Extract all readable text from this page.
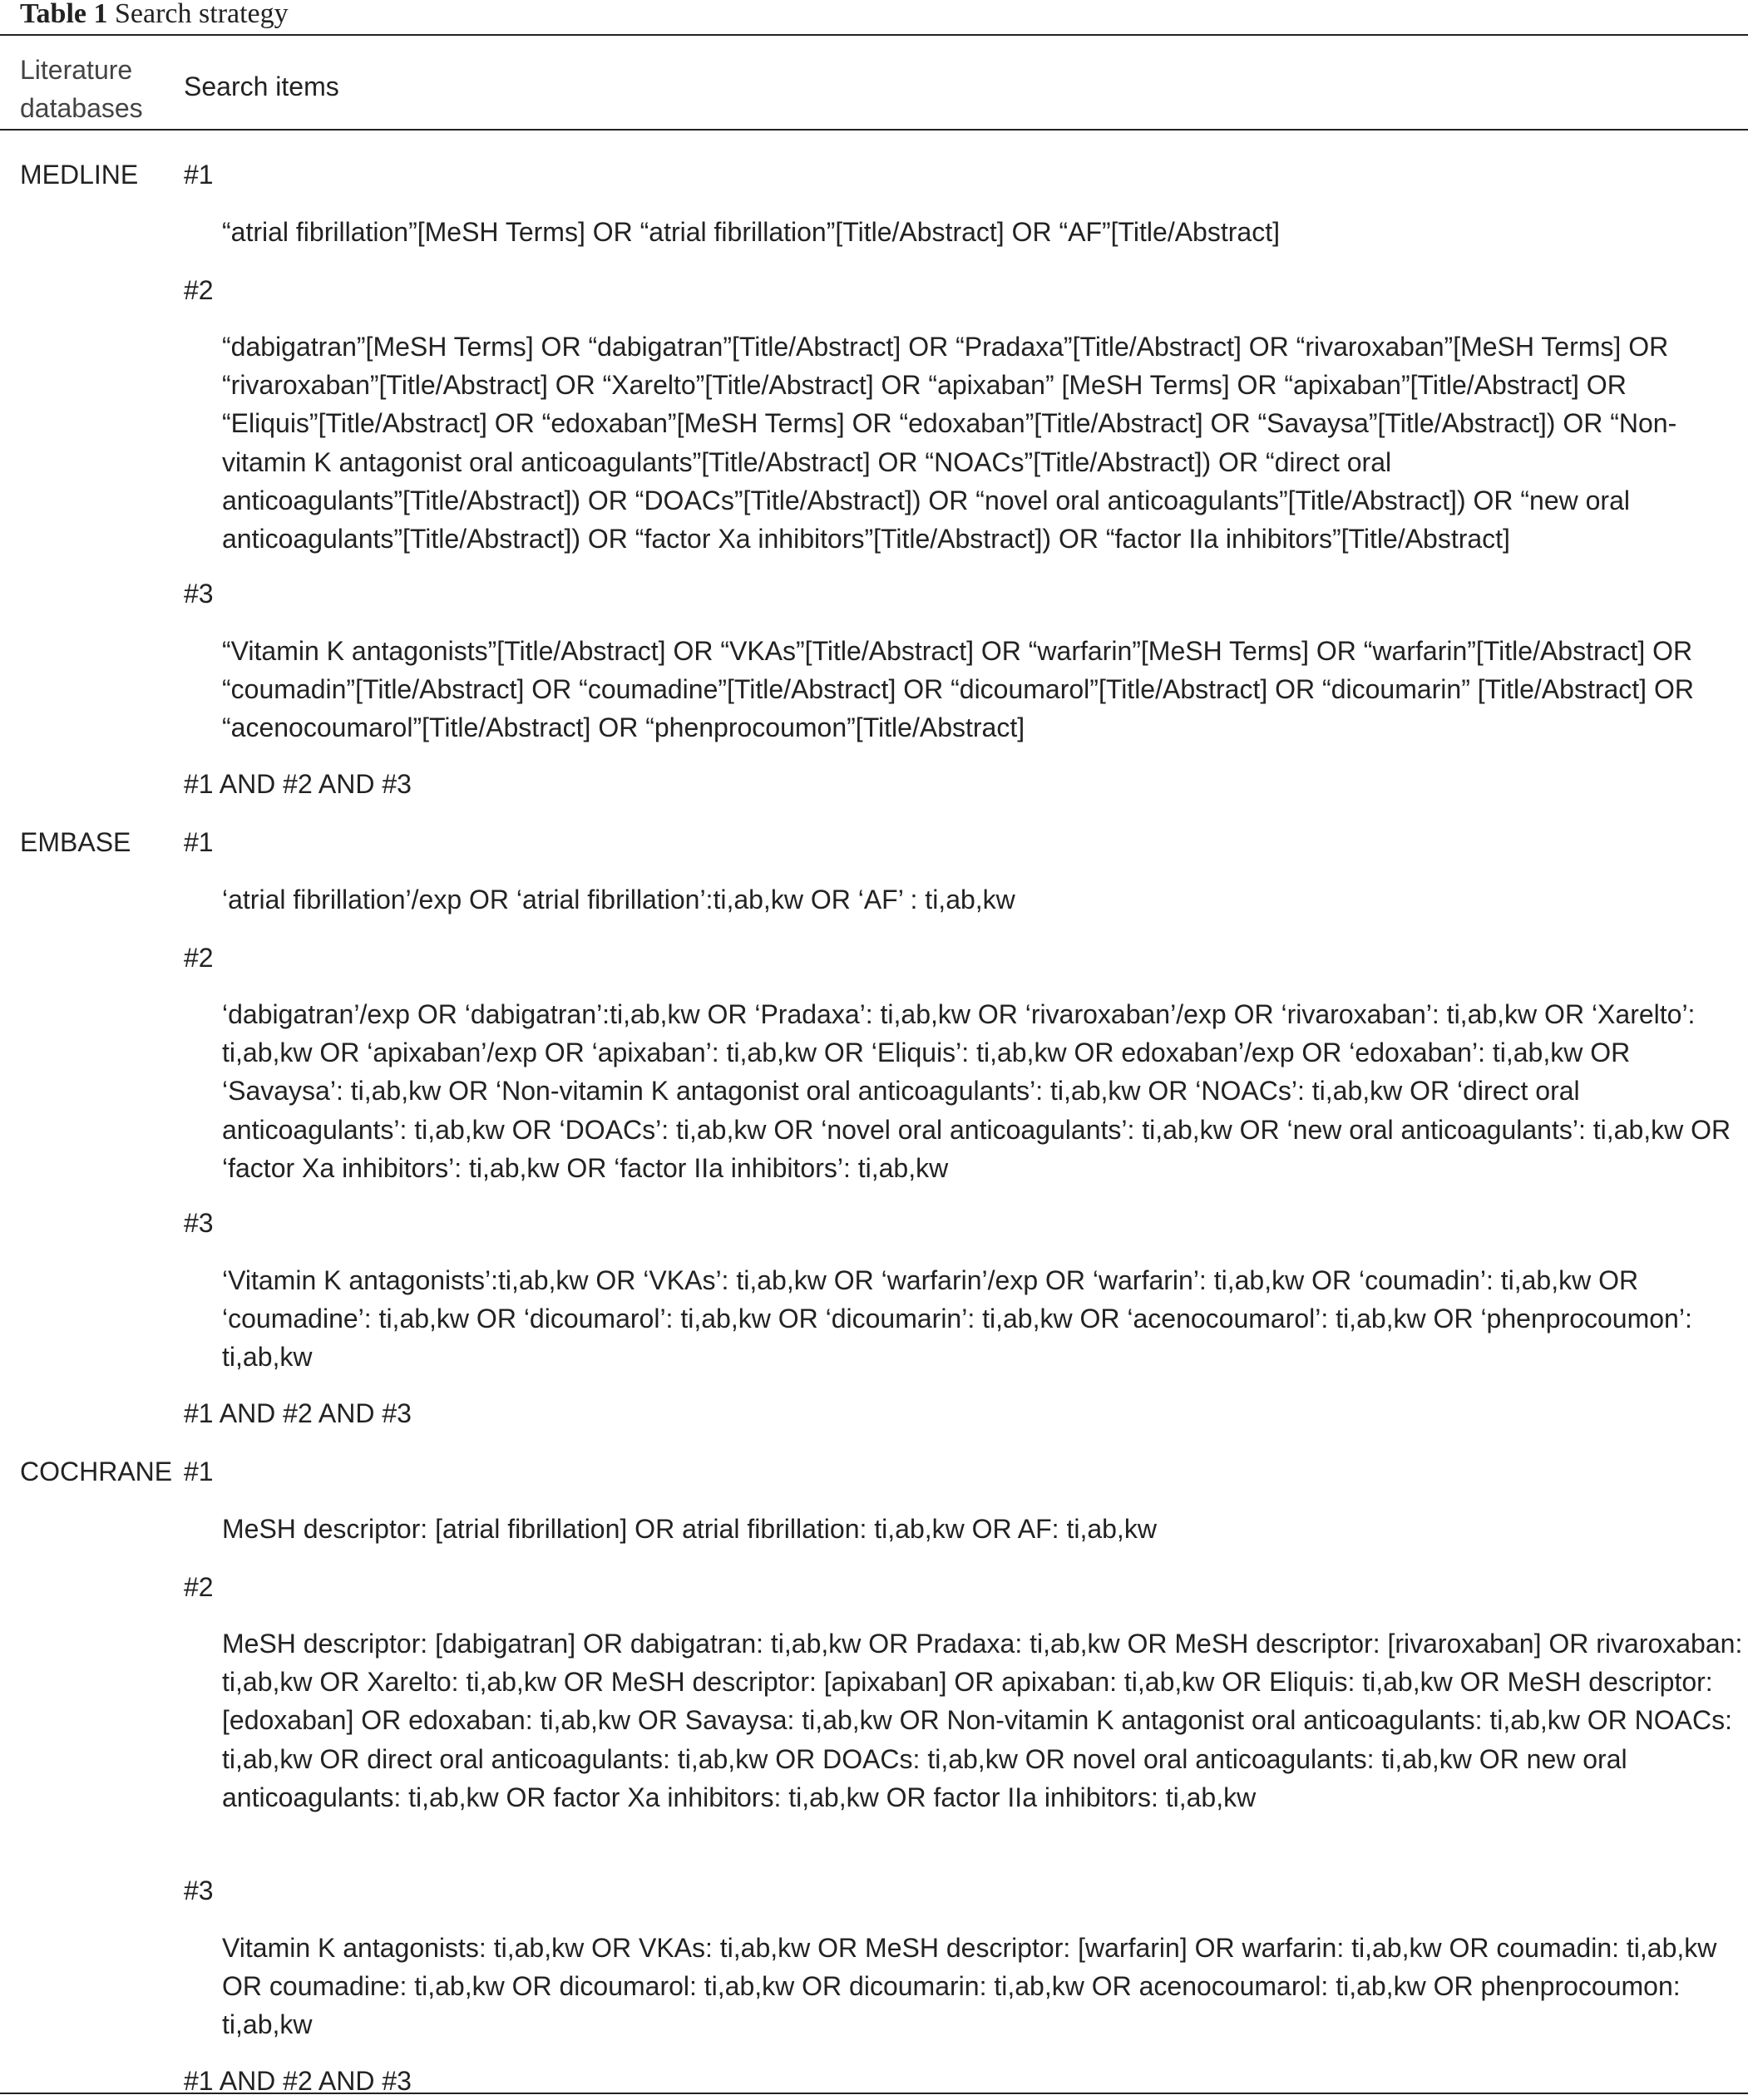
Table 1 Search strategy
Literature
databases
Search items
MEDLINE #1
“atrial fibrillation”[MeSH Terms] OR “atrial fibrillation”[Title/Abstract] OR “AF”[Title/Abstract]
#2
“dabigatran”[MeSH Terms] OR “dabigatran”[Title/Abstract] OR “Pradaxa”[Title/Abstract] OR “rivaroxaban”[MeSH Terms] OR “rivaroxaban”[Title/Abstract] OR “Xarelto”[Title/Abstract] OR “apixaban” [MeSH Terms] OR “apixaban”[Title/Abstract] OR “Eliquis”[Title/Abstract] OR “edoxaban”[MeSH Terms] OR “edoxaban”[Title/Abstract] OR “Savaysa”[Title/Abstract]) OR “Non-vitamin K antagonist oral anticoagulants”[Title/Abstract] OR “NOACs”[Title/Abstract]) OR “direct oral anticoagulants”[Title/Abstract]) OR “DOACs”[Title/Abstract]) OR “novel oral anticoagulants”[Title/Abstract]) OR “new oral anticoagulants”[Title/Abstract]) OR “factor Xa inhibitors”[Title/Abstract]) OR “factor IIa inhibitors”[Title/Abstract]
#3
“Vitamin K antagonists”[Title/Abstract] OR “VKAs”[Title/Abstract] OR “warfarin”[MeSH Terms] OR “warfarin”[Title/Abstract] OR “coumadin”[Title/Abstract] OR “coumadine”[Title/Abstract] OR “dicoumarol”[Title/Abstract] OR “dicoumarin” [Title/Abstract] OR “acenocoumarol”[Title/Abstract] OR “phenprocoumon”[Title/Abstract]
#1 AND #2 AND #3
EMBASE #1
‘atrial fibrillation’/exp OR ‘atrial fibrillation’:ti,ab,kw OR ‘AF’ : ti,ab,kw
#2
‘dabigatran’/exp OR ‘dabigatran’:ti,ab,kw OR ‘Pradaxa’: ti,ab,kw OR ‘rivaroxaban’/exp OR ‘rivaroxaban’: ti,ab,kw OR ‘Xarelto’: ti,ab,kw OR ‘apixaban’/exp OR ‘apixaban’: ti,ab,kw OR ‘Eliquis’: ti,ab,kw OR edoxaban’/exp OR ‘edoxaban’: ti,ab,kw OR ‘Savaysa’: ti,ab,kw OR ‘Non-vitamin K antagonist oral anticoagulants’: ti,ab,kw OR ‘NOACs’: ti,ab,kw OR ‘direct oral anticoagulants’: ti,ab,kw OR ‘DOACs’: ti,ab,kw OR ‘novel oral anticoagulants’: ti,ab,kw OR ‘new oral anticoagulants’: ti,ab,kw OR ‘factor Xa inhibitors’: ti,ab,kw OR ‘factor IIa inhibitors’: ti,ab,kw
#3
‘Vitamin K antagonists’:ti,ab,kw OR ‘VKAs’: ti,ab,kw OR ‘warfarin’/exp OR ‘warfarin’: ti,ab,kw OR ‘coumadin’: ti,ab,kw OR ‘coumadine’: ti,ab,kw OR ‘dicoumarol’: ti,ab,kw OR ‘dicoumarin’: ti,ab,kw OR ‘acenocoumarol’: ti,ab,kw OR ‘phenprocoumon’: ti,ab,kw
#1 AND #2 AND #3
COCHRANE #1
MeSH descriptor: [atrial fibrillation] OR atrial fibrillation: ti,ab,kw OR AF: ti,ab,kw
#2
MeSH descriptor: [dabigatran] OR dabigatran: ti,ab,kw OR Pradaxa: ti,ab,kw OR MeSH descriptor: [rivaroxaban] OR rivaroxaban: ti,ab,kw OR Xarelto: ti,ab,kw OR MeSH descriptor: [apixaban] OR apixaban: ti,ab,kw OR Eliquis: ti,ab,kw OR MeSH descriptor: [edoxaban] OR edoxaban: ti,ab,kw OR Savaysa: ti,ab,kw OR Non-vitamin K antagonist oral anticoagulants: ti,ab,kw OR NOACs: ti,ab,kw OR direct oral anticoagulants: ti,ab,kw OR DOACs: ti,ab,kw OR novel oral anticoagulants: ti,ab,kw OR new oral anticoagulants: ti,ab,kw OR factor Xa inhibitors: ti,ab,kw OR factor IIa inhibitors: ti,ab,kw
#3
Vitamin K antagonists: ti,ab,kw OR VKAs: ti,ab,kw OR MeSH descriptor: [warfarin] OR warfarin: ti,ab,kw OR coumadin: ti,ab,kw OR coumadine: ti,ab,kw OR dicoumarol: ti,ab,kw OR dicoumarin: ti,ab,kw OR acenocoumarol: ti,ab,kw OR phenprocoumon: ti,ab,kw
#1 AND #2 AND #3
